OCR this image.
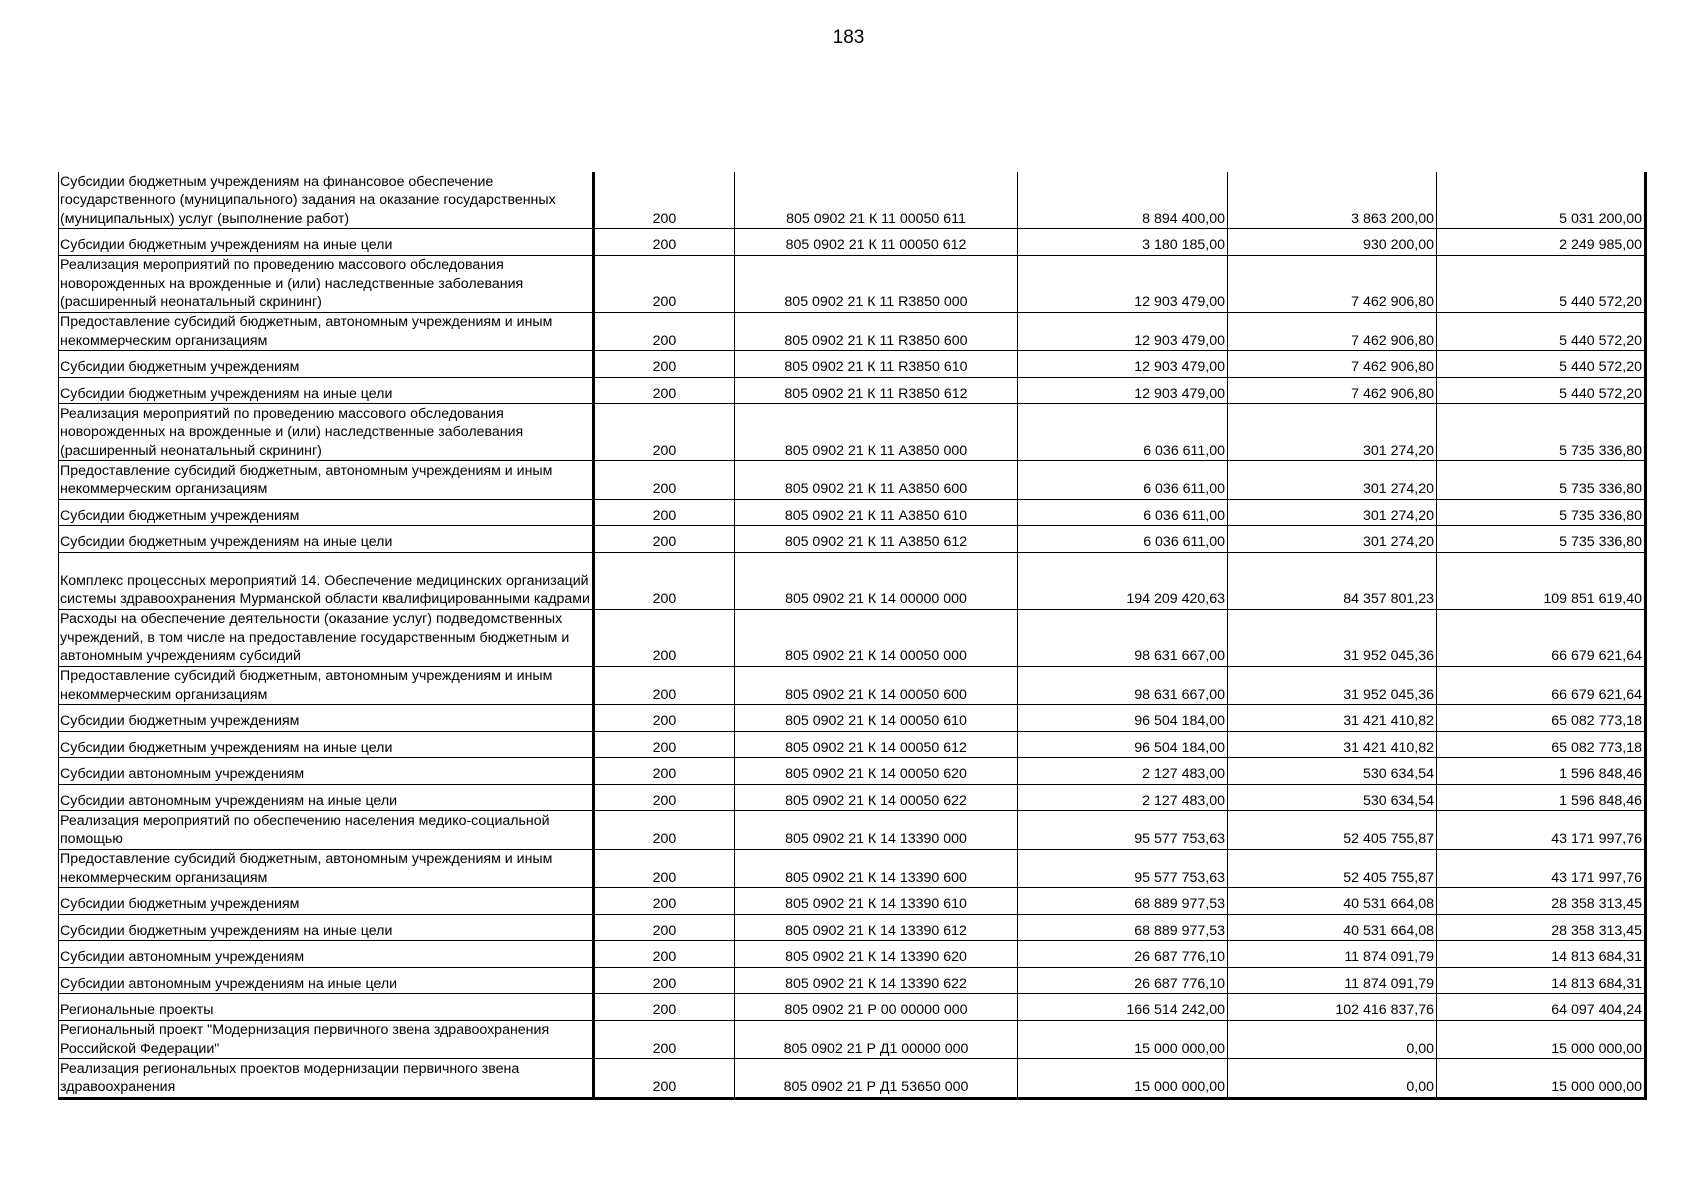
183
Субсидии бюджетным учреждениям на финансовое обеспечение государственного (муниципального) задания на оказание государственных (муниципальных) услуг (выполнение работ)	200	805 0902 21 К 11 00050 611	8 894 400,00	3 863 200,00	5 031 200,00
Субсидии бюджетным учреждениям на иные цели	200	805 0902 21 К 11 00050 612	3 180 185,00	930 200,00	2 249 985,00
Реализация мероприятий по проведению массового обследования новорожденных на врожденные и (или) наследственные заболевания (расширенный неонатальный скрининг)	200	805 0902 21 К 11 R3850 000	12 903 479,00	7 462 906,80	5 440 572,20
Предоставление субсидий бюджетным, автономным учреждениям и иным некоммерческим организациям	200	805 0902 21 К 11 R3850 600	12 903 479,00	7 462 906,80	5 440 572,20
Субсидии бюджетным учреждениям	200	805 0902 21 К 11 R3850 610	12 903 479,00	7 462 906,80	5 440 572,20
Субсидии бюджетным учреждениям на иные цели	200	805 0902 21 К 11 R3850 612	12 903 479,00	7 462 906,80	5 440 572,20
Реализация мероприятий по проведению массового обследования новорожденных на врожденные и (или) наследственные заболевания (расширенный неонатальный скрининг)	200	805 0902 21 К 11 А3850 000	6 036 611,00	301 274,20	5 735 336,80
Предоставление субсидий бюджетным, автономным учреждениям и иным некоммерческим организациям	200	805 0902 21 К 11 А3850 600	6 036 611,00	301 274,20	5 735 336,80
Субсидии бюджетным учреждениям	200	805 0902 21 К 11 А3850 610	6 036 611,00	301 274,20	5 735 336,80
Субсидии бюджетным учреждениям на иные цели	200	805 0902 21 К 11 А3850 612	6 036 611,00	301 274,20	5 735 336,80
Комплекс процессных мероприятий 14. Обеспечение медицинских организаций системы здравоохранения Мурманской области квалифицированными кадрами	200	805 0902 21 К 14 00000 000	194 209 420,63	84 357 801,23	109 851 619,40
Расходы на обеспечение деятельности (оказание услуг) подведомственных учреждений, в том числе на предоставление государственным бюджетным и автономным учреждениям субсидий	200	805 0902 21 К 14 00050 000	98 631 667,00	31 952 045,36	66 679 621,64
Предоставление субсидий бюджетным, автономным учреждениям и иным некоммерческим организациям	200	805 0902 21 К 14 00050 600	98 631 667,00	31 952 045,36	66 679 621,64
Субсидии бюджетным учреждениям	200	805 0902 21 К 14 00050 610	96 504 184,00	31 421 410,82	65 082 773,18
Субсидии бюджетным учреждениям на иные цели	200	805 0902 21 К 14 00050 612	96 504 184,00	31 421 410,82	65 082 773,18
Субсидии автономным учреждениям	200	805 0902 21 К 14 00050 620	2 127 483,00	530 634,54	1 596 848,46
Субсидии автономным учреждениям на иные цели	200	805 0902 21 К 14 00050 622	2 127 483,00	530 634,54	1 596 848,46
Реализация мероприятий по обеспечению населения медико-социальной помощью	200	805 0902 21 К 14 13390 000	95 577 753,63	52 405 755,87	43 171 997,76
Предоставление субсидий бюджетным, автономным учреждениям и иным некоммерческим организациям	200	805 0902 21 К 14 13390 600	95 577 753,63	52 405 755,87	43 171 997,76
Субсидии бюджетным учреждениям	200	805 0902 21 К 14 13390 610	68 889 977,53	40 531 664,08	28 358 313,45
Субсидии бюджетным учреждениям на иные цели	200	805 0902 21 К 14 13390 612	68 889 977,53	40 531 664,08	28 358 313,45
Субсидии автономным учреждениям	200	805 0902 21 К 14 13390 620	26 687 776,10	11 874 091,79	14 813 684,31
Субсидии автономным учреждениям на иные цели	200	805 0902 21 К 14 13390 622	26 687 776,10	11 874 091,79	14 813 684,31
Региональные проекты	200	805 0902 21 Р 00 00000 000	166 514 242,00	102 416 837,76	64 097 404,24
Региональный проект "Модернизация первичного звена здравоохранения Российской Федерации"	200	805 0902 21 Р Д1 00000 000	15 000 000,00	0,00	15 000 000,00
Реализация региональных проектов модернизации первичного звена здравоохранения	200	805 0902 21 Р Д1 53650 000	15 000 000,00	0,00	15 000 000,00
